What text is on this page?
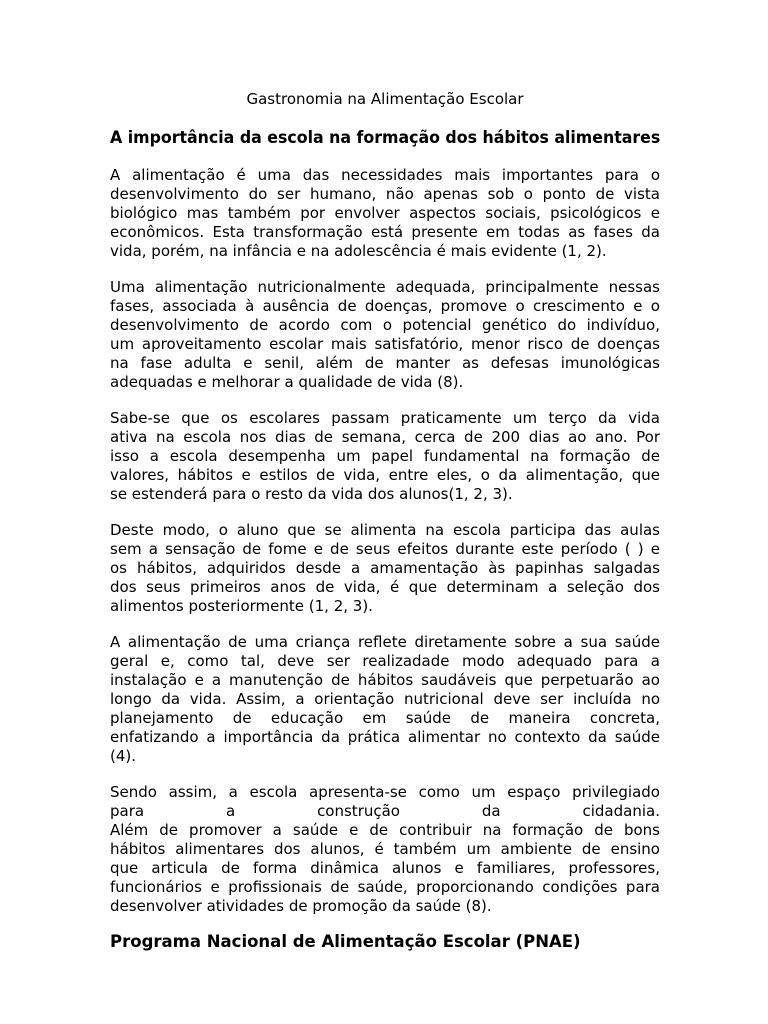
Gastronomia na Alimentação Escolar
A importância da escola na formação dos hábitos alimentares
A alimentação é uma das necessidades mais importantes para o
desenvolvimento do ser humano, não apenas sob o ponto de vista
biológico mas também por envolver aspectos sociais, psicológicos e
econômicos. Esta transformação está presente em todas as fases da
vida, porém, na infância e na adolescência é mais evidente (1, 2).
Uma alimentação nutricionalmente adequada, principalmente nessas
fases, associada à ausência de doenças, promove o crescimento e o
desenvolvimento de acordo com o potencial genético do indivíduo,
um aproveitamento escolar mais satisfatório, menor risco de doenças
na fase adulta e senil, além de manter as defesas imunológicas
adequadas e melhorar a qualidade de vida (8).
Sabe-se que os escolares passam praticamente um terço da vida
ativa na escola nos dias de semana, cerca de 200 dias ao ano. Por
isso a escola desempenha um papel fundamental na formação de
valores, hábitos e estilos de vida, entre eles, o da alimentação, que
se estenderá para o resto da vida dos alunos(1, 2, 3).
Deste modo, o aluno que se alimenta na escola participa das aulas
sem a sensação de fome e de seus efeitos durante este período ( ) e
os hábitos, adquiridos desde a amamentação às papinhas salgadas
dos seus primeiros anos de vida, é que determinam a seleção dos
alimentos posteriormente (1, 2, 3).
A alimentação de uma criança reflete diretamente sobre a sua saúde
geral e, como tal, deve ser realizadade modo adequado para a
instalação e a manutenção de hábitos saudáveis que perpetuarão ao
longo da vida. Assim, a orientação nutricional deve ser incluída no
planejamento de educação em saúde de maneira concreta,
enfatizando a importância da prática alimentar no contexto da saúde
(4).
Sendo assim, a escola apresenta-se como um espaço privilegiado
para	a	construção	da	cidadania.
Além de promover a saúde e de contribuir na formação de bons
hábitos alimentares dos alunos, é também um ambiente de ensino
que articula de forma dinâmica alunos e familiares, professores,
funcionários e profissionais de saúde, proporcionando condições para
desenvolver atividades de promoção da saúde (8).
Programa Nacional de Alimentação Escolar (PNAE)
